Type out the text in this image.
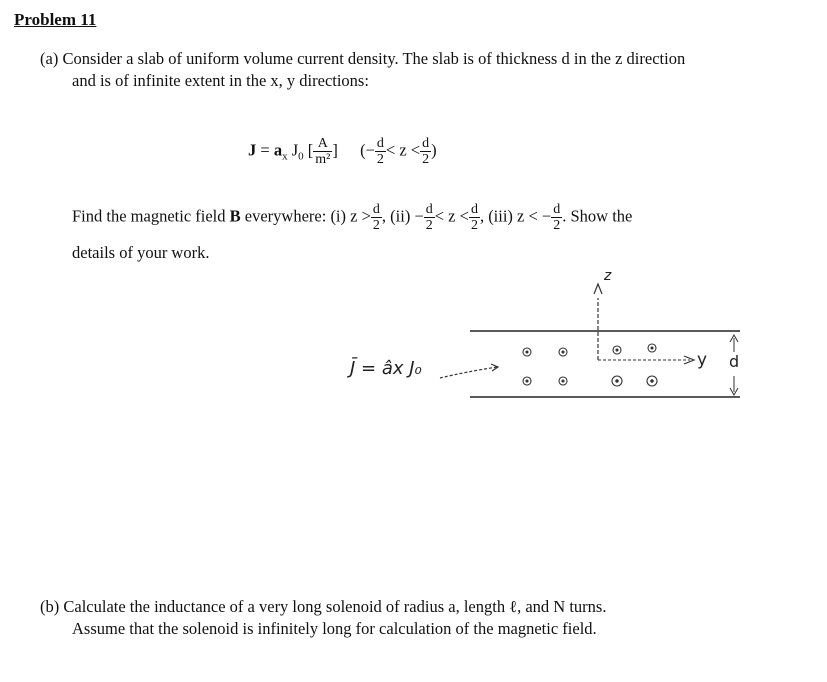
Problem 11
(a) Consider a slab of uniform volume current density. The slab is of thickness d in the z direction
and is of infinite extent in the x, y directions:
$J = a_x$ $J_0$ [ $\frac{A}{\text{m²}}$ ] (− $\frac{d}{2} < z < \frac{d}{2}$ )
Find the magnetic field B everywhere: (i) $z > \frac{d}{2}$ , $(ii) - \frac{d}{2} < z < \frac{d}{2}$ , (iii) z < − $\frac{d}{2}$ . Show the
details of your work.
J̄ = âx J₀
z
y d
(b) Calculate the inductance of a very long solenoid of radius a, length ℓ, and N turns.
Assume that the solenoid is infinitely long for calculation of the magnetic field.
